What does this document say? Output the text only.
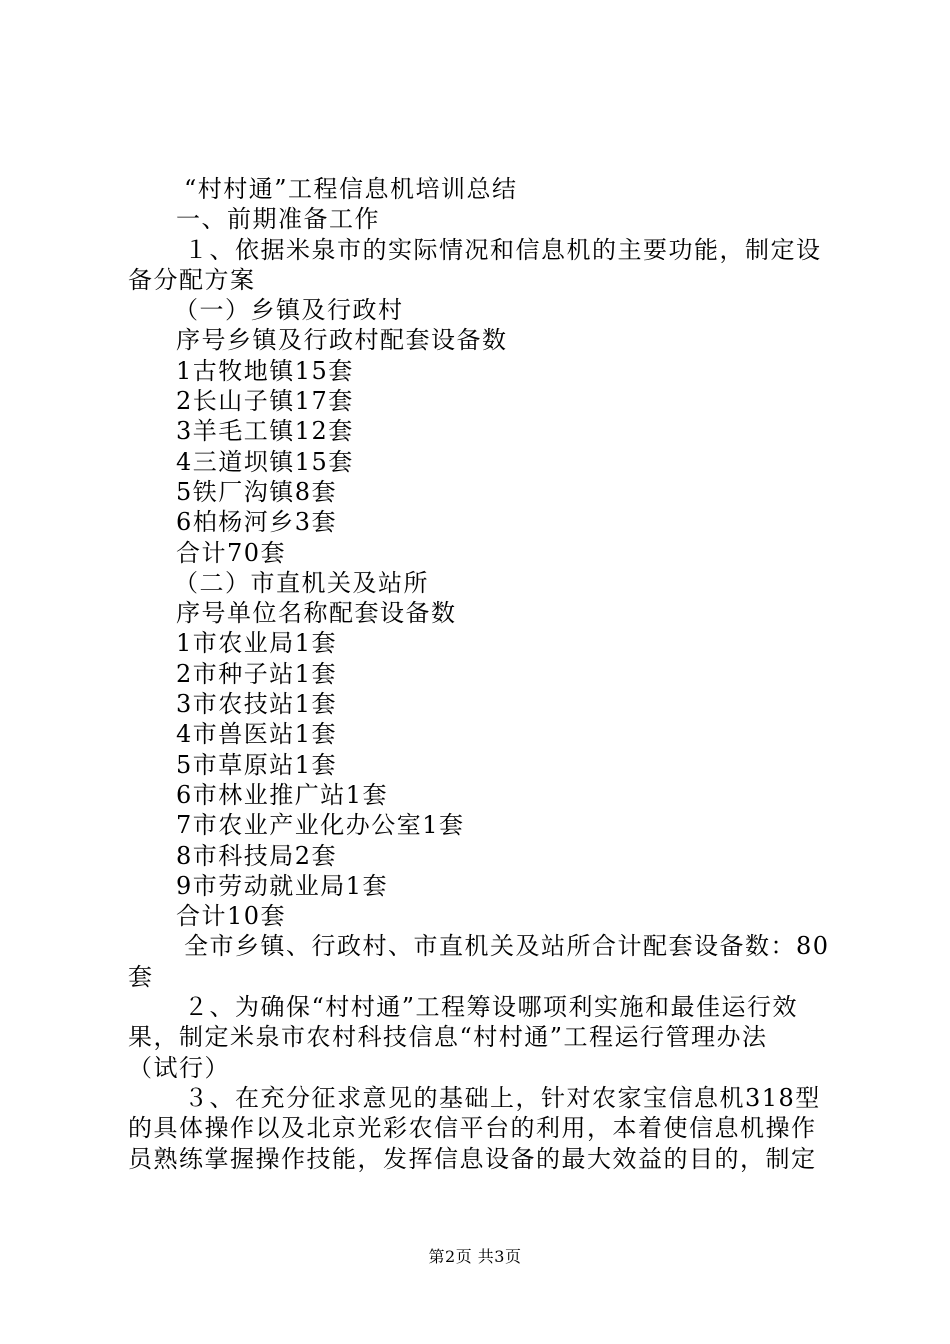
“村村通”工程信息机培训总结
一、前期准备工作
１、依据米泉市的实际情况和信息机的主要功能，制定设
备分配方案
（一）乡镇及行政村
序号乡镇及行政村配套设备数
1古牧地镇15套
2长山子镇17套
3羊毛工镇12套
4三道坝镇15套
5铁厂沟镇8套
6柏杨河乡3套
合计70套
（二）市直机关及站所
序号单位名称配套设备数
1市农业局1套
2市种子站1套
3市农技站1套
4市兽医站1套
5市草原站1套
6市林业推广站1套
7市农业产业化办公室1套
8市科技局2套
9市劳动就业局1套
合计10套
全市乡镇、行政村、市直机关及站所合计配套设备数：80
套
２、为确保“村村通”工程筹设哪项利实施和最佳运行效
果，制定米泉市农村科技信息“村村通”工程运行管理办法
（试行）
３、在充分征求意见的基础上，针对农家宝信息机318型
的具体操作以及北京光彩农信平台的利用，本着使信息机操作
员熟练掌握操作技能，发挥信息设备的最大效益的目的，制定
第2页 共3页
